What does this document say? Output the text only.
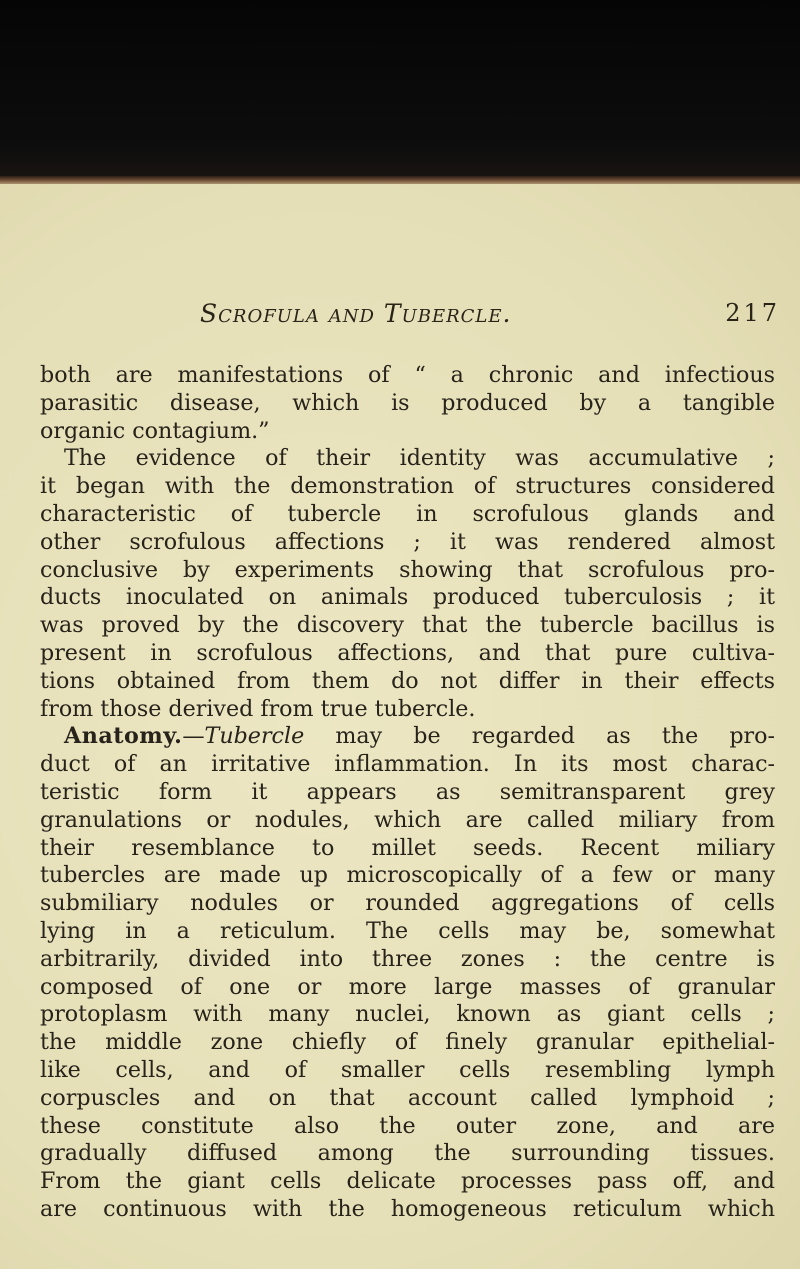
Scrofula and Tubercle.	217
both are manifestations of “ a chronic and infectious
parasitic disease, which is produced by a tangible
organic contagium.”
The evidence of their identity was accumulative ;
it began with the demonstration of structures considered
characteristic of tubercle in scrofulous glands and
other scrofulous affections ; it was rendered almost
conclusive by experiments showing that scrofulous pro-
ducts inoculated on animals produced tuberculosis ; it
was proved by the discovery that the tubercle bacillus is
present in scrofulous affections, and that pure cultiva-
tions obtained from them do not differ in their effects
from those derived from true tubercle.
Anatomy.—Tubercle may be regarded as the pro-
duct of an irritative inflammation. In its most charac-
teristic form it appears as semitransparent grey
granulations or nodules, which are called miliary from
their resemblance to millet seeds. Recent miliary
tubercles are made up microscopically of a few or many
submiliary nodules or rounded aggregations of cells
lying in a reticulum. The cells may be, somewhat
arbitrarily, divided into three zones : the centre is
composed of one or more large masses of granular
protoplasm with many nuclei, known as giant cells ;
the middle zone chiefly of finely granular epithelial-
like cells, and of smaller cells resembling lymph
corpuscles and on that account called lymphoid ;
these constitute also the outer zone, and are
gradually diffused among the surrounding tissues.
From the giant cells delicate processes pass off, and
are continuous with the homogeneous reticulum which
